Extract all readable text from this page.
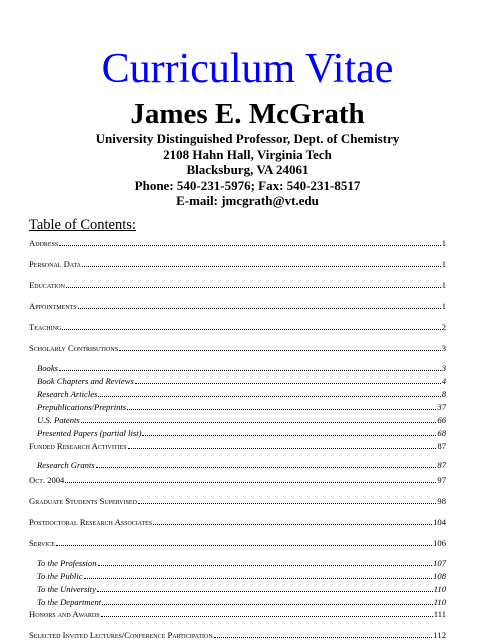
Curriculum Vitae
James E. McGrath
University Distinguished Professor, Dept. of Chemistry
2108 Hahn Hall, Virginia Tech
Blacksburg, VA 24061
Phone: 540-231-5976; Fax: 540-231-8517
E-mail: jmcgrath@vt.edu
Table of Contents:
Address	1
Personal Data	1
Education	1
Appointments	1
Teaching	2
Scholarly Contributions	3
Books	3
Book Chapters and Reviews	4
Research Articles	8
Prepublications/Preprints	37
U.S. Patents	66
Presented Papers (partial list)	68
Funded Research Activities	87
Research Grants	87
Oct. 2004	97
Graduate Students Supervised	98
Postdoctoral Research Associates	104
Service	106
To the Profession	107
To the Public	108
To the University	110
To the Department	110
Honors and Awards	111
Selected Invited Lectures/Conference Participation	112
